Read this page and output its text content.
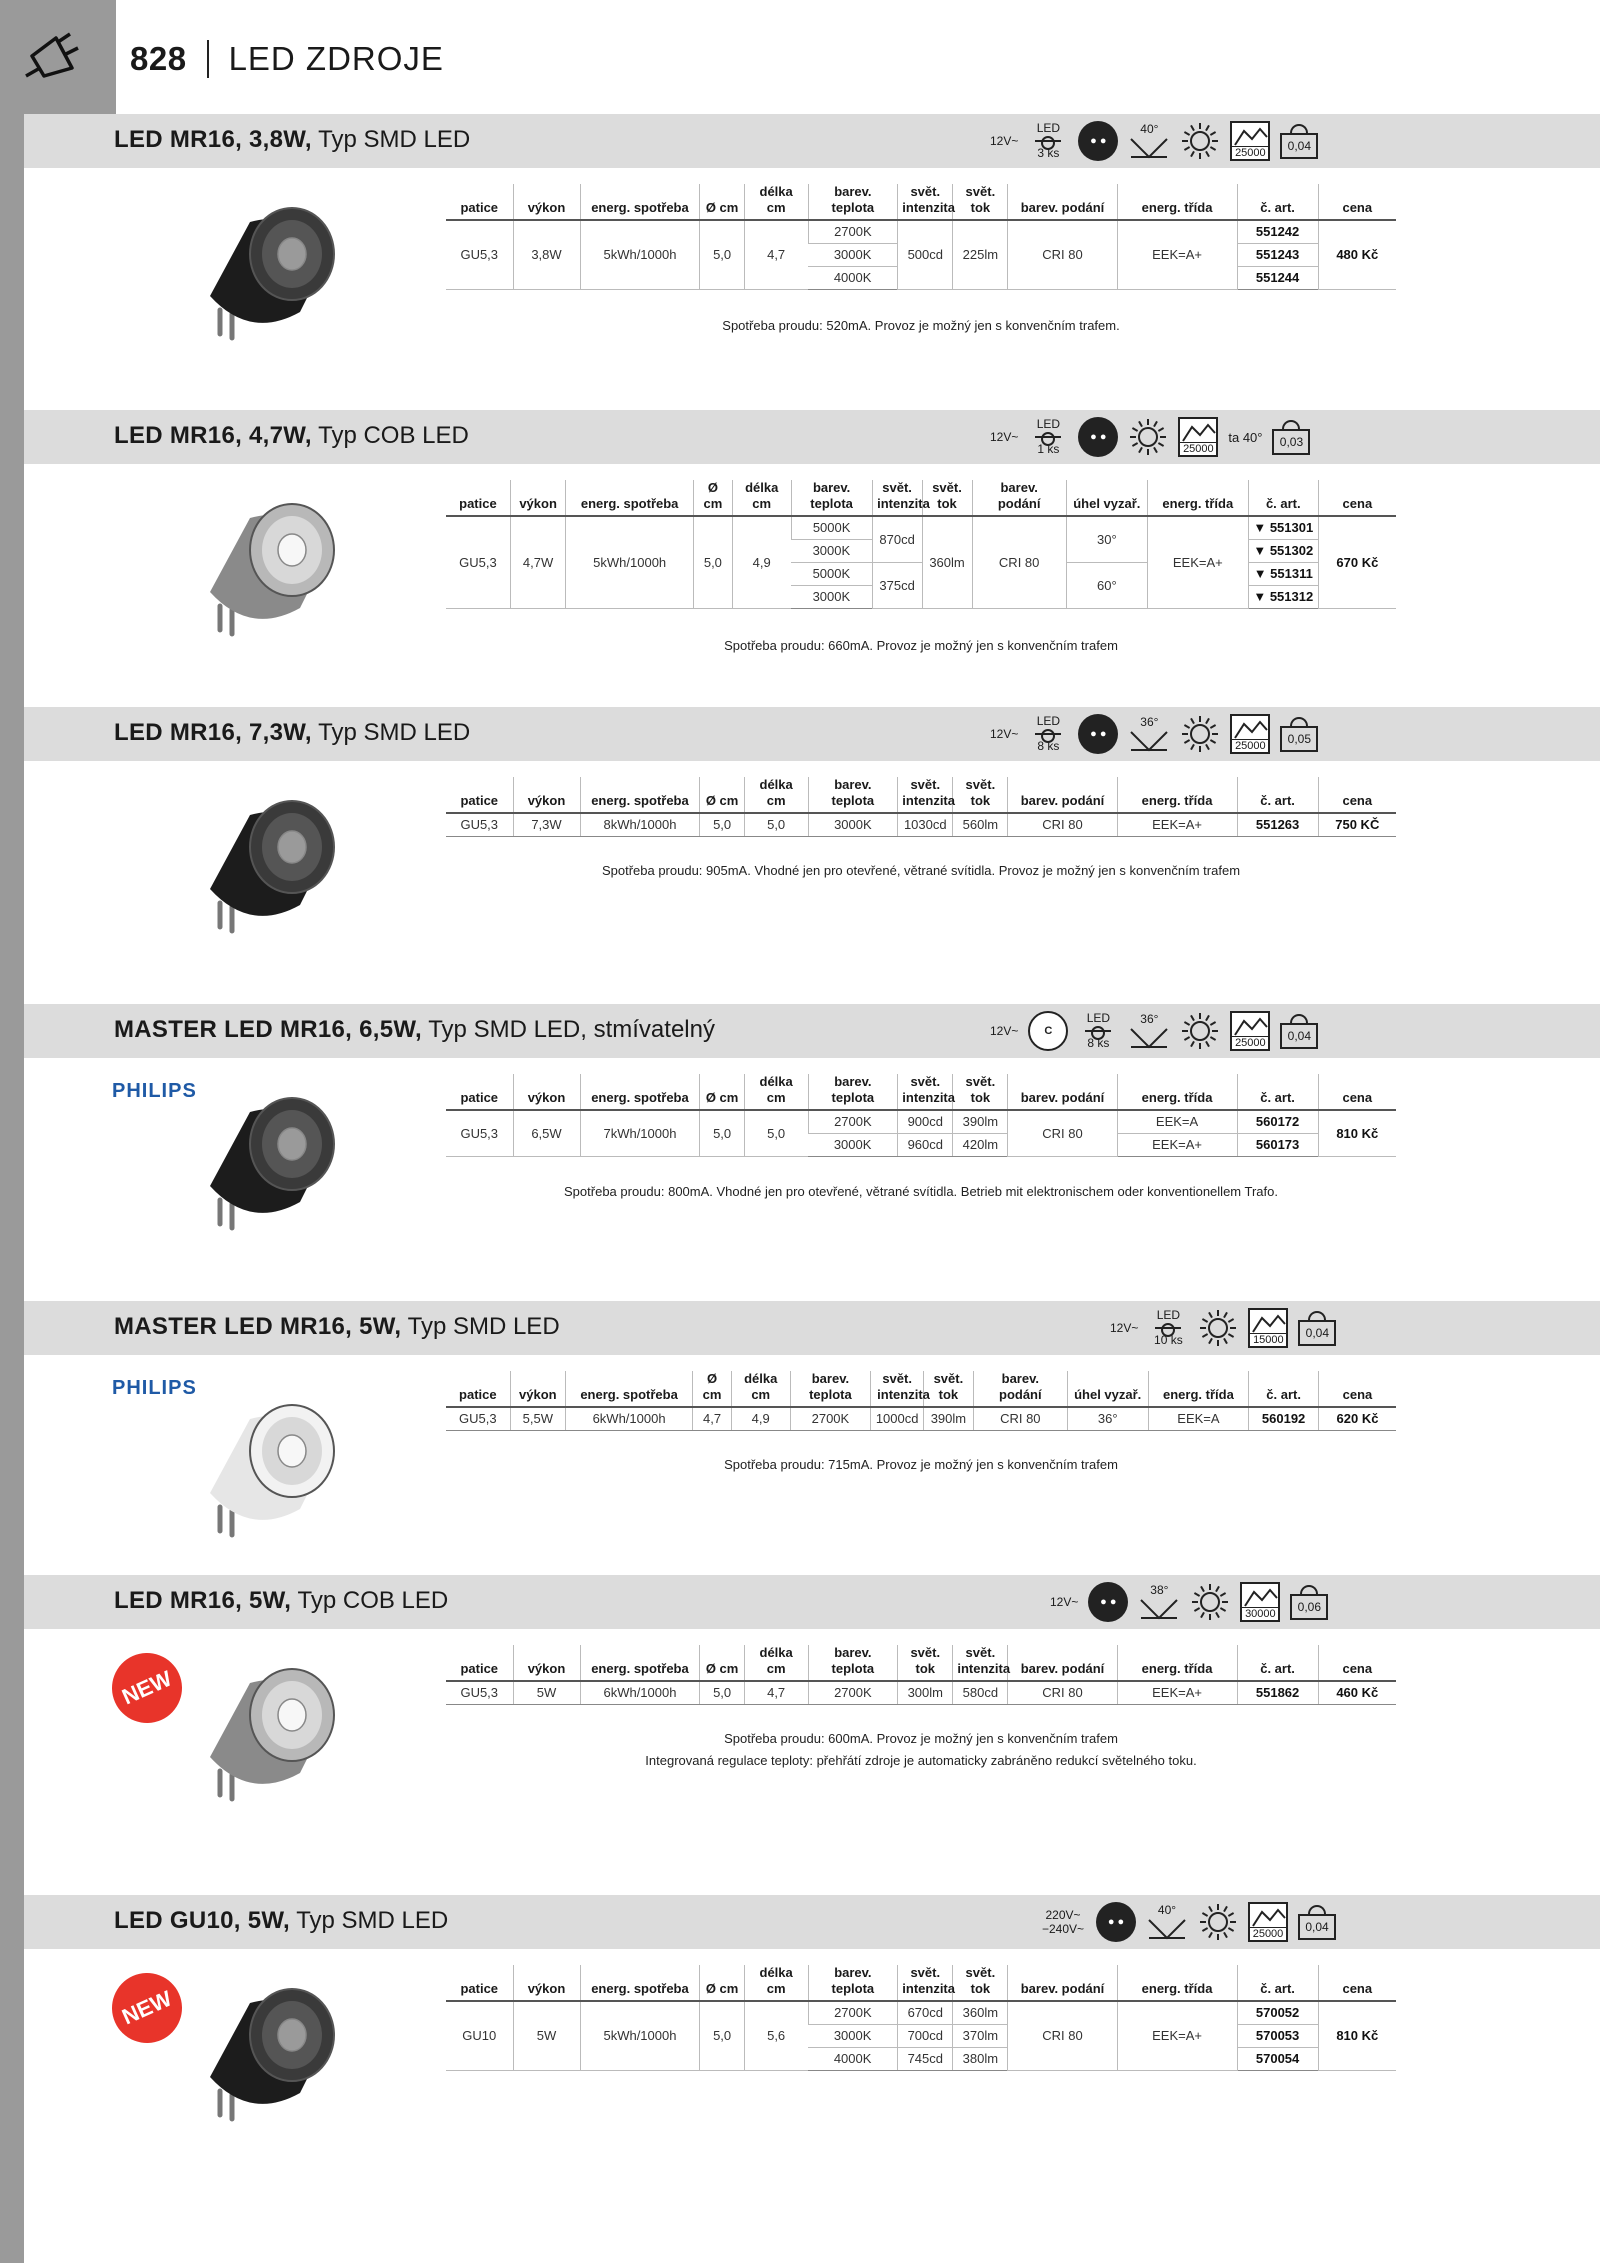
828 LED ZDROJE
LED MR16, 3,8W, Typ SMD LED	12V~
LED
3 ks
● ●
40°
25000
0,04
patice	výkon	energ. spotřeba	Ø cm	délka cm	barev. teplota	svět. intenzita	svět. tok	barev. podání	energ. třída	č. art.	cena
GU5,3	3,8W	5kWh/1000h	5,0	4,7	2700K	500cd	225lm	CRI 80	EEK=A+	551242	480 Kč
					3000K					551243	
					4000K					551244	
Spotřeba proudu: 520mA. Provoz je možný jen s konvenčním trafem.
LED MR16, 4,7W, Typ COB LED	12V~
LED
1 ks
● ●
25000
ta 40°	0,03
patice	výkon	energ. spotřeba	Ø cm	délka cm	barev. teplota	svět. intenzita	svět. tok	barev. podání	úhel vyzař.	energ. třída	č. art.	cena
GU5,3	4,7W	5kWh/1000h	5,0	4,9	5000K	870cd	360lm	CRI 80	30°	EEK=A+	▼ 551301	670 Kč
					3000K						▼ 551302	
					5000K	375cd			60°		▼ 551311	
					3000K						▼ 551312	
Spotřeba proudu: 660mA. Provoz je možný jen s konvenčním trafem
LED MR16, 7,3W, Typ SMD LED	12V~
LED
8 ks
● ●
36°
25000
0,05
patice	výkon	energ. spotřeba	Ø cm	délka cm	barev. teplota	svět. intenzita	svět. tok	barev. podání	energ. třída	č. art.	cena
GU5,3	7,3W	8kWh/1000h	5,0	5,0	3000K	1030cd	560lm	CRI 80	EEK=A+	551263	750 KČ
Spotřeba proudu: 905mA. Vhodné jen pro otevřené, větrané svítidla. Provoz je možný jen s konvenčním trafem
MASTER LED MR16, 6,5W, Typ SMD LED, stmívatelný	12V~	C
LED
8 ks
36°
25000
0,04
PHILIPS	patice	výkon	energ. spotřeba	Ø cm	délka cm	barev. teplota	svět. intenzita	svět. tok	barev. podání	energ. třída	č. art.	cena
GU5,3	6,5W	7kWh/1000h	5,0	5,0	2700K	900cd	390lm	CRI 80	EEK=A	560172	810 Kč
					3000K	960cd	420lm		EEK=A+	560173	
Spotřeba proudu: 800mA. Vhodné jen pro otevřené, větrané svítidla. Betrieb mit elektronischem oder konventionellem Trafo.
MASTER LED MR16, 5W, Typ SMD LED	12V~
LED
10 ks	15000
0,04
PHILIPS	patice	výkon	energ. spotřeba	Ø cm	délka cm	barev. teplota	svět. intenzita	svět. tok	barev. podání	úhel vyzař.	energ. třída	č. art.	cena
GU5,3	5,5W	6kWh/1000h	4,7	4,9	2700K	1000cd	390lm	CRI 80	36°	EEK=A	560192	620 Kč
Spotřeba proudu: 715mA. Provoz je možný jen s konvenčním trafem
LED MR16, 5W, Typ COB LED	12V~	● ●
38°
30000
0,06
NEW	patice	výkon	energ. spotřeba	Ø cm	délka cm	barev. teplota	svět. tok	svět. intenzita	barev. podání	energ. třída	č. art.	cena
GU5,3	5W	6kWh/1000h	5,0	4,7	2700K	300lm	580cd	CRI 80	EEK=A+	551862	460 Kč
Spotřeba proudu: 600mA. Provoz je možný jen s konvenčním trafem
Integrovaná regulace teploty: přehřátí zdroje je automaticky zabráněno redukcí světelného toku.
LED GU10, 5W, Typ SMD LED	220V~ −240V~	● ●
40°
25000
0,04
NEW	patice	výkon	energ. spotřeba	Ø cm	délka cm	barev. teplota	svět. intenzita	svět. tok	barev. podání	energ. třída	č. art.	cena
GU10	5W	5kWh/1000h	5,0	5,6	2700K	670cd	360lm	CRI 80	EEK=A+	570052	810 Kč
					3000K	700cd	370lm			570053	
					4000K	745cd	380lm			570054	
